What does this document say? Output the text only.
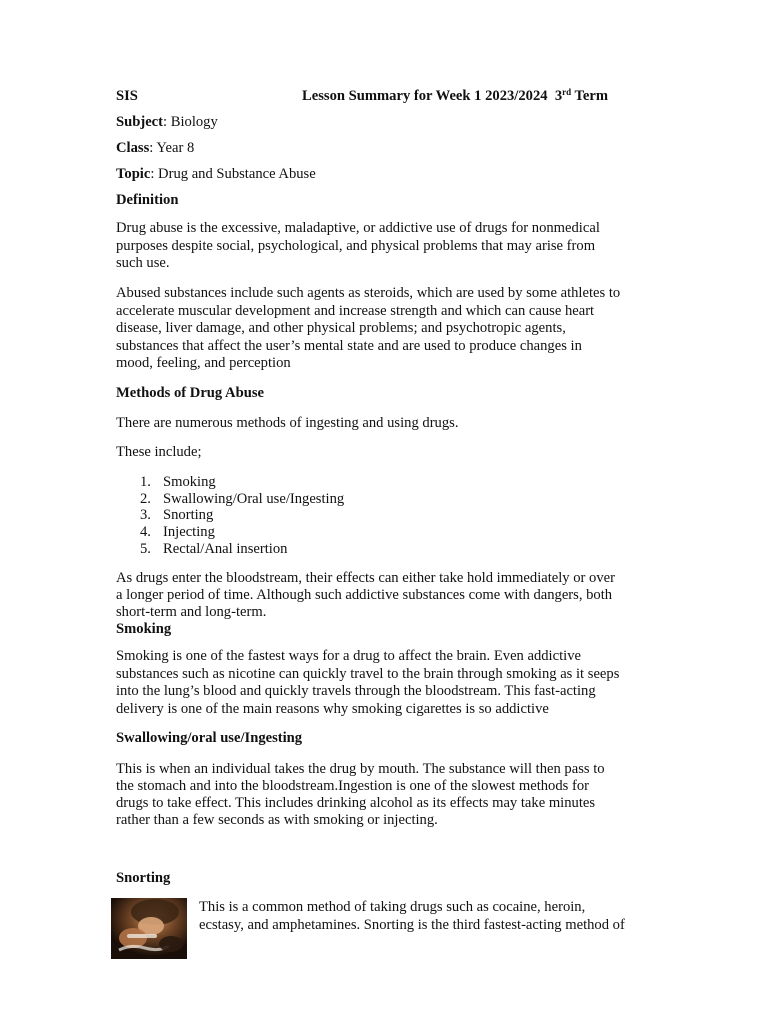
SIS	Lesson Summary for Week 1 2023/2024 3rd Term
Subject: Biology
Class: Year 8
Topic: Drug and Substance Abuse
Definition
Drug abuse is the excessive, maladaptive, or addictive use of drugs for nonmedical
purposes despite social, psychological, and physical problems that may arise from
such use.
Abused substances include such agents as steroids, which are used by some athletes to
accelerate muscular development and increase strength and which can cause heart
disease, liver damage, and other physical problems; and psychotropic agents,
substances that affect the user’s mental state and are used to produce changes in
mood, feeling, and perception
Methods of Drug Abuse
There are numerous methods of ingesting and using drugs.
These include;
1. Smoking
2. Swallowing/Oral use/Ingesting
3. Snorting
4. Injecting
5. Rectal/Anal insertion
As drugs enter the bloodstream, their effects can either take hold immediately or over
a longer period of time. Although such addictive substances come with dangers, both
short-term and long-term.
Smoking
Smoking is one of the fastest ways for a drug to affect the brain. Even addictive
substances such as nicotine can quickly travel to the brain through smoking as it seeps
into the lung’s blood and quickly travels through the bloodstream. This fast-acting
delivery is one of the main reasons why smoking cigarettes is so addictive
Swallowing/oral use/Ingesting
This is when an individual takes the drug by mouth. The substance will then pass to
the stomach and into the bloodstream.Ingestion is one of the slowest methods for
drugs to take effect. This includes drinking alcohol as its effects may take minutes
rather than a few seconds as with smoking or injecting.
Snorting
This is a common method of taking drugs such as cocaine, heroin,
ecstasy, and amphetamines. Snorting is the third fastest-acting method of
